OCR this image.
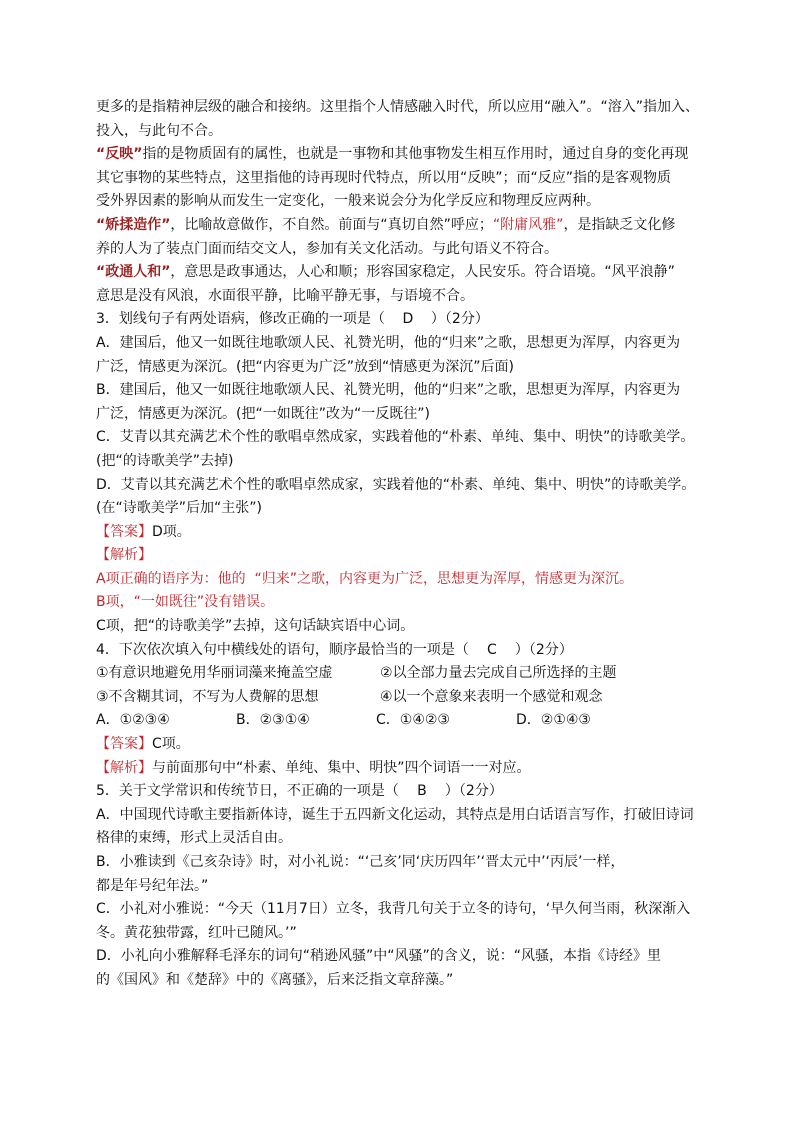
更多的是指精神层级的融合和接纳。这里指个人情感融入时代，所以应用“融入”。“溶入”指加入、
投入，与此句不合。
“反映”指的是物质固有的属性，也就是一事物和其他事物发生相互作用时，通过自身的变化再现
其它事物的某些特点，这里指他的诗再现时代特点，所以用“反映”；而“反应”指的是客观物质
受外界因素的影响从而发生一定变化，一般来说会分为化学反应和物理反应两种。
“矫揉造作”，比喻故意做作，不自然。前面与“真切自然”呼应；“附庸风雅”，是指缺乏文化修
养的人为了装点门面而结交文人，参加有关文化活动。与此句语义不符合。
“政通人和”，意思是政事通达，人心和顺；形容国家稳定，人民安乐。符合语境。“风平浪静”
意思是没有风浪，水面很平静，比喻平静无事，与语境不合。
3．划线句子有两处语病，修改正确的一项是（ D ）（2分）
A．建国后，他又一如既往地歌颂人民、礼赞光明，他的“归来”之歌，思想更为浑厚，内容更为
广泛，情感更为深沉。(把“内容更为广泛”放到“情感更为深沉”后面)
B．建国后，他又一如既往地歌颂人民、礼赞光明，他的“归来”之歌，思想更为浑厚，内容更为
广泛，情感更为深沉。(把“一如既往”改为“一反既往”)
C．艾青以其充满艺术个性的歌唱卓然成家，实践着他的“朴素、单纯、集中、明快”的诗歌美学。
(把“的诗歌美学”去掉)
D．艾青以其充满艺术个性的歌唱卓然成家，实践着他的“朴素、单纯、集中、明快”的诗歌美学。
(在“诗歌美学”后加“主张”)
【答案】D项。
【解析】
A项正确的语序为：他的 “归来”之歌，内容更为广泛，思想更为浑厚，情感更为深沉。
B项，“一如既往”没有错误。
C项，把“的诗歌美学”去掉，这句话缺宾语中心词。
4．下次依次填入句中横线处的语句，顺序最恰当的一项是（ C ）（2分）
①有意识地避免用华丽词藻来掩盖空虚	②以全部力量去完成自己所选择的主题
③不含糊其词，不写为人费解的思想	④以一个意象来表明一个感觉和观念
A．①②③④	B．②③①④	C．①④②③	D．②①④③
【答案】C项。
【解析】与前面那句中“朴素、单纯、集中、明快”四个词语一一对应。
5．关于文学常识和传统节日，不正确的一项是（ B ）（2分）
A．中国现代诗歌主要指新体诗，诞生于五四新文化运动，其特点是用白话语言写作，打破旧诗词
格律的束缚，形式上灵活自由。
B．小雅读到《己亥杂诗》时，对小礼说：“‘己亥’同‘庆历四年’‘晋太元中’‘丙辰’一样，
都是年号纪年法。”
C．小礼对小雅说：“今天（11月7日）立冬，我背几句关于立冬的诗句，‘早久何当雨，秋深渐入
冬。黄花独带露，红叶已随风。’”
D．小礼向小雅解释毛泽东的词句“稍逊风骚”中“风骚”的含义，说：“风骚，本指《诗经》里
的《国风》和《楚辞》中的《离骚》，后来泛指文章辞藻。”
